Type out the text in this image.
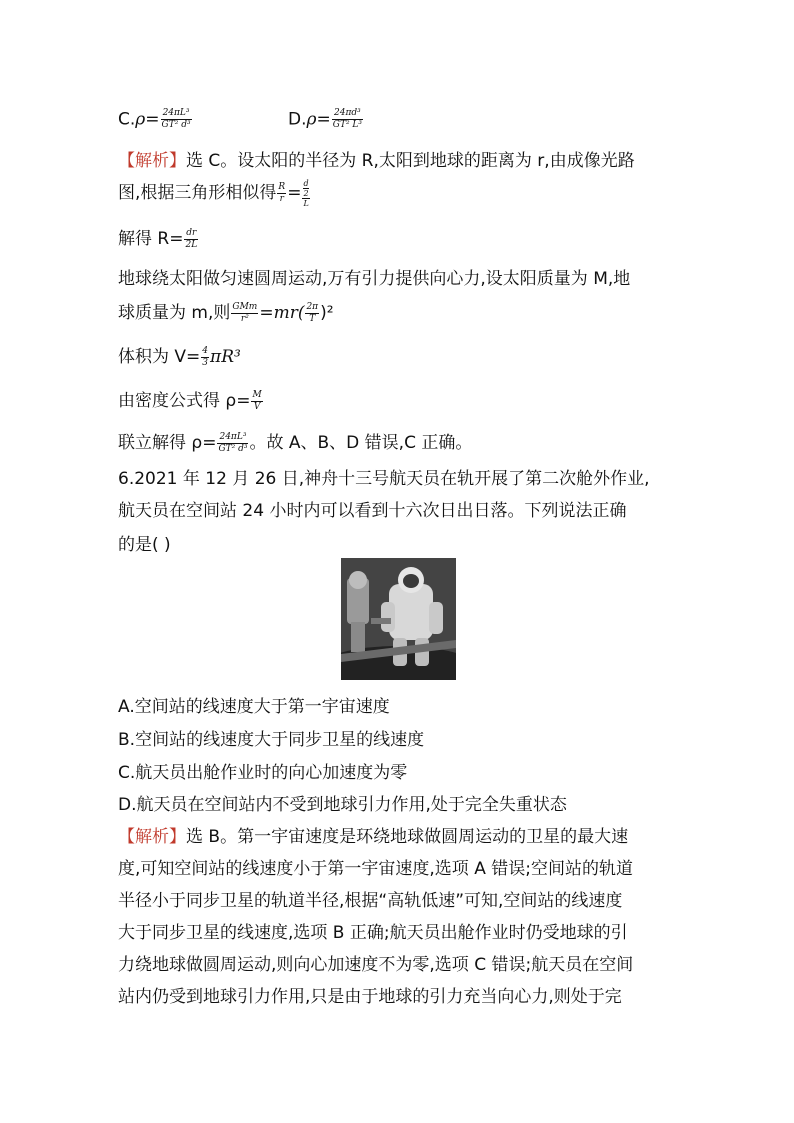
$C.\rho= \frac{\text{24πL³}}{\text{GT² d³}}$	$D.\rho= \frac{\text{24πd³}}{\text{GT² L³}}$
【解析】选 C。设太阳的半径为 R,太阳到地球的距离为 r,由成像光路
图,根据三角形相似得 $\frac{R}{r} = d$
2
L
解得 $R= \frac{dr}{2L}$
地球绕太阳做匀速圆周运动,万有引力提供向心力,设太阳质量为 M,地
球质量为 m,则 $\frac{\text{GMm}}{\text{r²}} =mr( \frac{2\pi}{T} )^2$
体积为 $V= \frac{4}{3} \pi R^3$
由密度公式得 $\rho= \frac{M}{V}$
联立解得 $\rho= \frac{\text{24πL³}}{\text{GT² d³}}$ 。故 A、B、D 错误,C 正确。
6.2021 年 12 月 26 日,神舟十三号航天员在轨开展了第二次舱外作业,
航天员在空间站 24 小时内可以看到十六次日出日落。下列说法正确
的是( )
A.空间站的线速度大于第一宇宙速度
B.空间站的线速度大于同步卫星的线速度
C.航天员出舱作业时的向心加速度为零
D.航天员在空间站内不受到地球引力作用,处于完全失重状态
【解析】选 B。第一宇宙速度是环绕地球做圆周运动的卫星的最大速
度,可知空间站的线速度小于第一宇宙速度,选项 A 错误;空间站的轨道
半径小于同步卫星的轨道半径,根据“高轨低速”可知,空间站的线速度
大于同步卫星的线速度,选项 B 正确;航天员出舱作业时仍受地球的引
力绕地球做圆周运动,则向心加速度不为零,选项 C 错误;航天员在空间
站内仍受到地球引力作用,只是由于地球的引力充当向心力,则处于完
